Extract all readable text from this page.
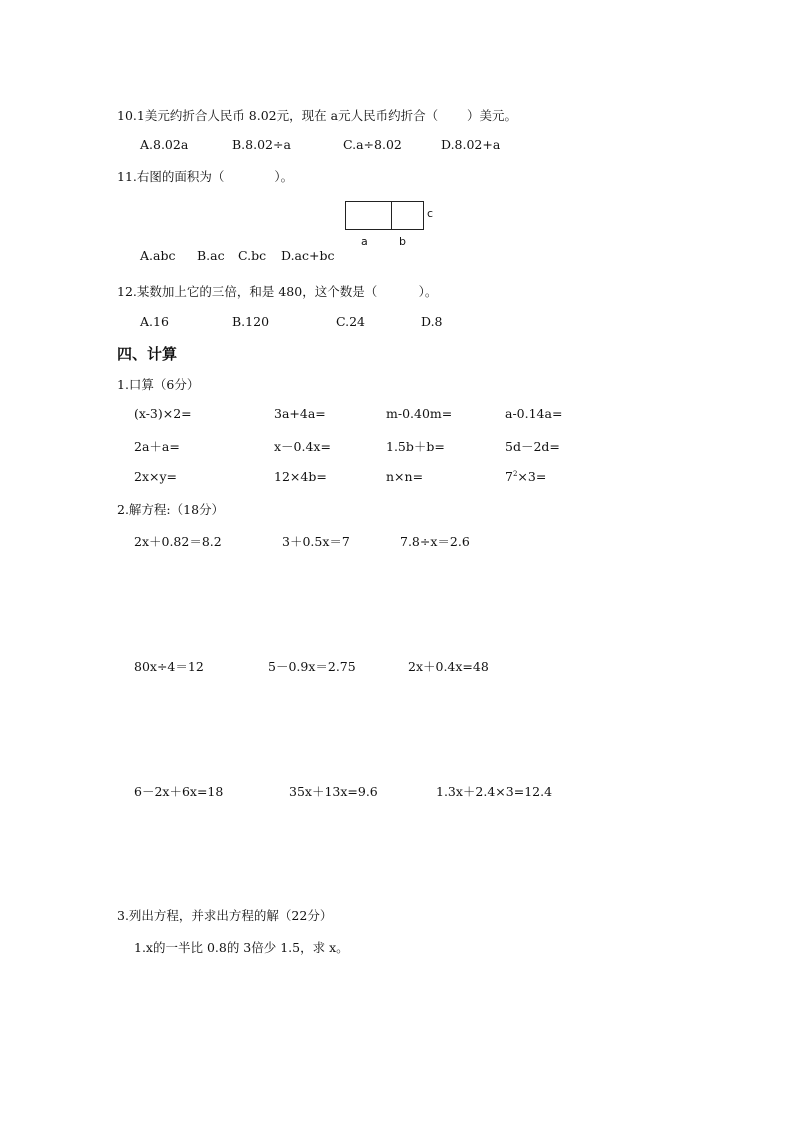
10.1美元约折合人民币 8.02元，现在 a元人民币约折合（　　 ）美元。
A.8.02a	B.8.02÷a	C.a÷8.02	D.8.02+a
11.右图的面积为（　　　　）。
c
a	b
A.abc B.ac C.bc D.ac+bc
12.某数加上它的三倍，和是 480，这个数是（　　　 ）。
A.16	B.120	C.24	D.8
四、计算
1.口算（6分）
(x-3)×2=	3a+4a=	m-0.40m=	a-0.14a=
2a＋a=	x－0.4x=	1.5b＋b=	5d－2d=
2x×y=	12×4b=	n×n=	$7^2\times 3=$
2.解方程:（18分）
2x＋0.82＝8.2	3＋0.5x＝7	7.8÷x＝2.6
80x÷4＝12	5－0.9x＝2.75	2x＋0.4x=48
6－2x＋6x=18	35x＋13x=9.6	1.3x＋2.4×3=12.4
3.列出方程，并求出方程的解（22分）
1.x的一半比 0.8的 3倍少 1.5，求 x。
